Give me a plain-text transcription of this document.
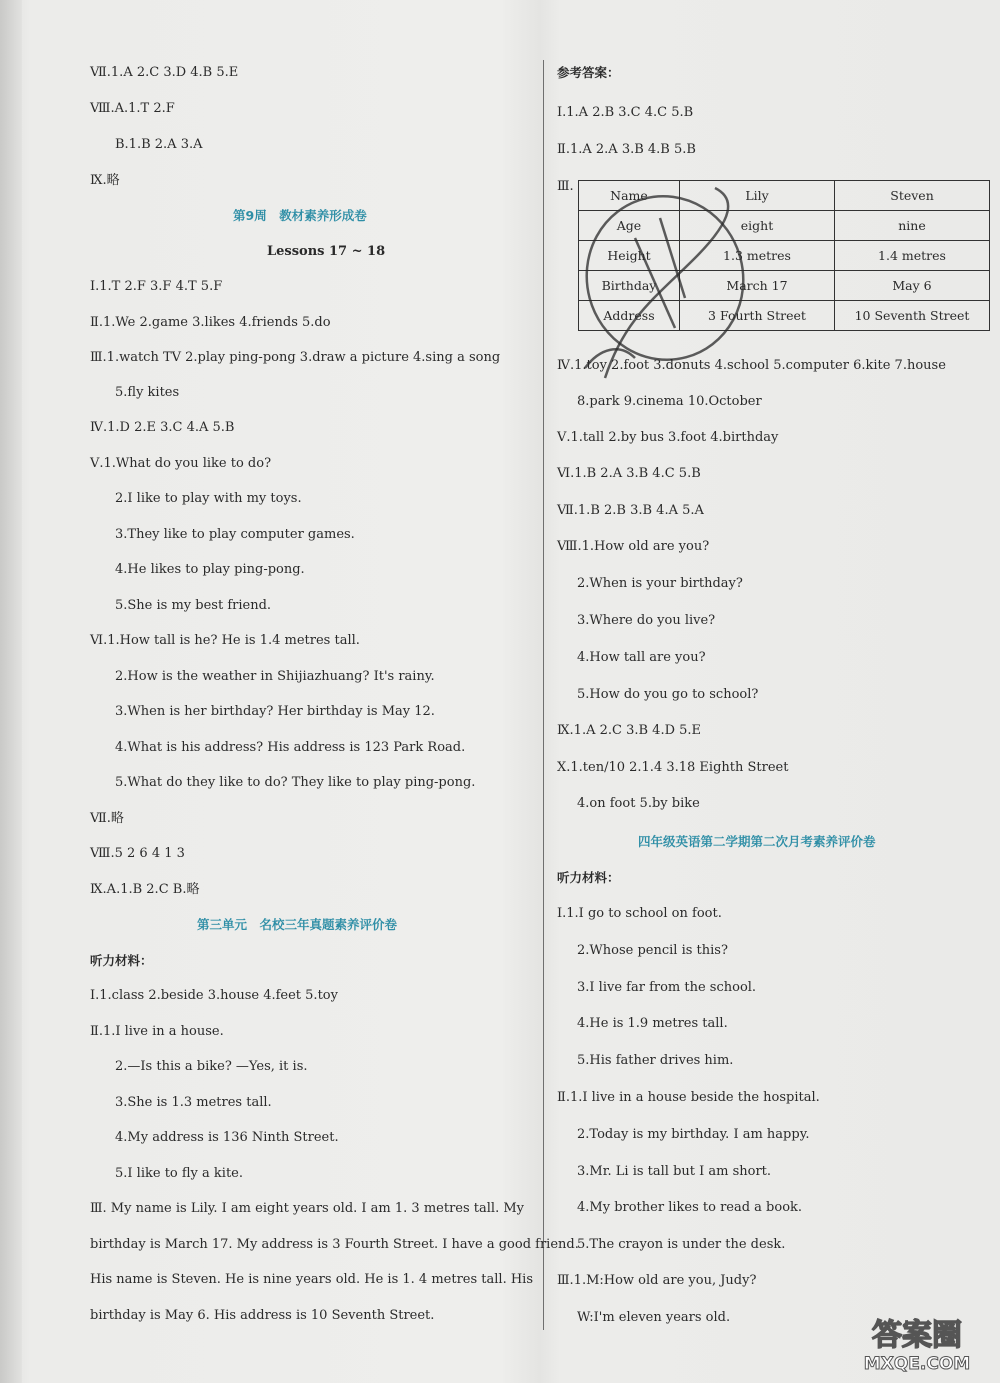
Ⅶ.1.A 2.C 3.D 4.B 5.E
Ⅷ.A.1.T 2.F
B.1.B 2.A 3.A
Ⅸ.略
第9周　教材素养形成卷
Lessons 17 ~ 18
Ⅰ.1.T 2.F 3.F 4.T 5.F
Ⅱ.1.We 2.game 3.likes 4.friends 5.do
Ⅲ.1.watch TV 2.play ping-pong 3.draw a picture 4.sing a song
5.fly kites
Ⅳ.1.D 2.E 3.C 4.A 5.B
Ⅴ.1.What do you like to do?
2.I like to play with my toys.
3.They like to play computer games.
4.He likes to play ping-pong.
5.She is my best friend.
Ⅵ.1.How tall is he? He is 1.4 metres tall.
2.How is the weather in Shijiazhuang? It's rainy.
3.When is her birthday? Her birthday is May 12.
4.What is his address? His address is 123 Park Road.
5.What do they like to do? They like to play ping-pong.
Ⅶ.略
Ⅷ.5 2 6 4 1 3
Ⅸ.A.1.B 2.C B.略
第三单元　名校三年真题素养评价卷
听力材料：
Ⅰ.1.class 2.beside 3.house 4.feet 5.toy
Ⅱ.1.I live in a house.
2.—Is this a bike? —Yes, it is.
3.She is 1.3 metres tall.
4.My address is 136 Ninth Street.
5.I like to fly a kite.
Ⅲ. My name is Lily. I am eight years old. I am 1. 3 metres tall. My
birthday is March 17. My address is 3 Fourth Street. I have a good friend.
His name is Steven. He is nine years old. He is 1. 4 metres tall. His
birthday is May 6. His address is 10 Seventh Street.
参考答案：
Ⅰ.1.A 2.B 3.C 4.C 5.B
Ⅱ.1.A 2.A 3.B 4.B 5.B
Ⅲ.
Name	Lily	Steven
Age	eight	nine
Height	1.3 metres	1.4 metres
Birthday	March 17	May 6
Address	3 Fourth Street	10 Seventh Street
Ⅳ.1.toy 2.foot 3.donuts 4.school 5.computer 6.kite 7.house
8.park 9.cinema 10.October
Ⅴ.1.tall 2.by bus 3.foot 4.birthday
Ⅵ.1.B 2.A 3.B 4.C 5.B
Ⅶ.1.B 2.B 3.B 4.A 5.A
Ⅷ.1.How old are you?
2.When is your birthday?
3.Where do you live?
4.How tall are you?
5.How do you go to school?
Ⅸ.1.A 2.C 3.B 4.D 5.E
Ⅹ.1.ten/10 2.1.4 3.18 Eighth Street
4.on foot 5.by bike
四年级英语第二学期第二次月考素养评价卷
听力材料：
Ⅰ.1.I go to school on foot.
2.Whose pencil is this?
3.I live far from the school.
4.He is 1.9 metres tall.
5.His father drives him.
Ⅱ.1.I live in a house beside the hospital.
2.Today is my birthday. I am happy.
3.Mr. Li is tall but I am short.
4.My brother likes to read a book.
5.The crayon is under the desk.
Ⅲ.1.M:How old are you, Judy?
W:I'm eleven years old.
答案圈
MXQE.COM
